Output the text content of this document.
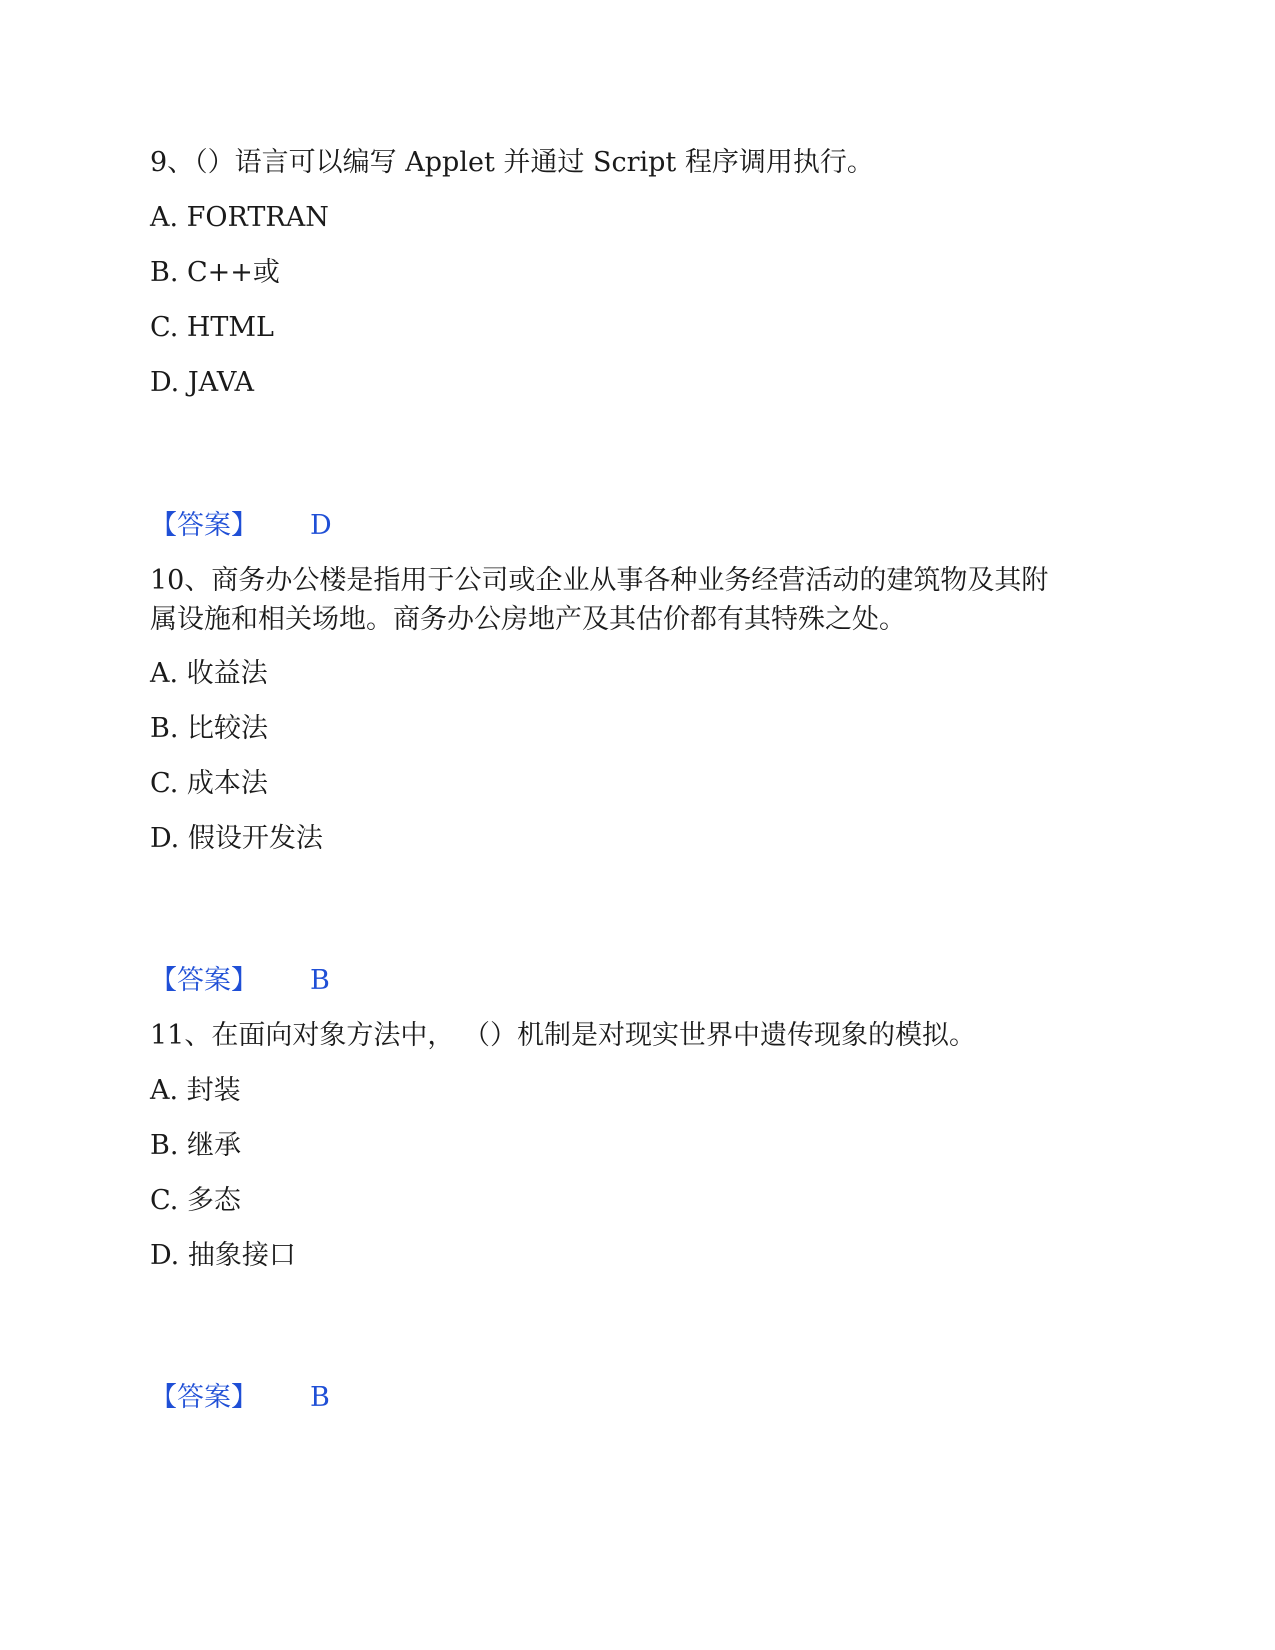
9、（）语言可以编写 Applet 并通过 Script 程序调用执行。
A. FORTRAN
B. C++或
C. HTML
D. JAVA
【答案】 D
10、商务办公楼是指用于公司或企业从事各种业务经营活动的建筑物及其附
属设施和相关场地。商务办公房地产及其估价都有其特殊之处。
A. 收益法
B. 比较法
C. 成本法
D. 假设开发法
【答案】 B
11、在面向对象方法中， （）机制是对现实世界中遗传现象的模拟。
A. 封装
B. 继承
C. 多态
D. 抽象接口
【答案】 B
